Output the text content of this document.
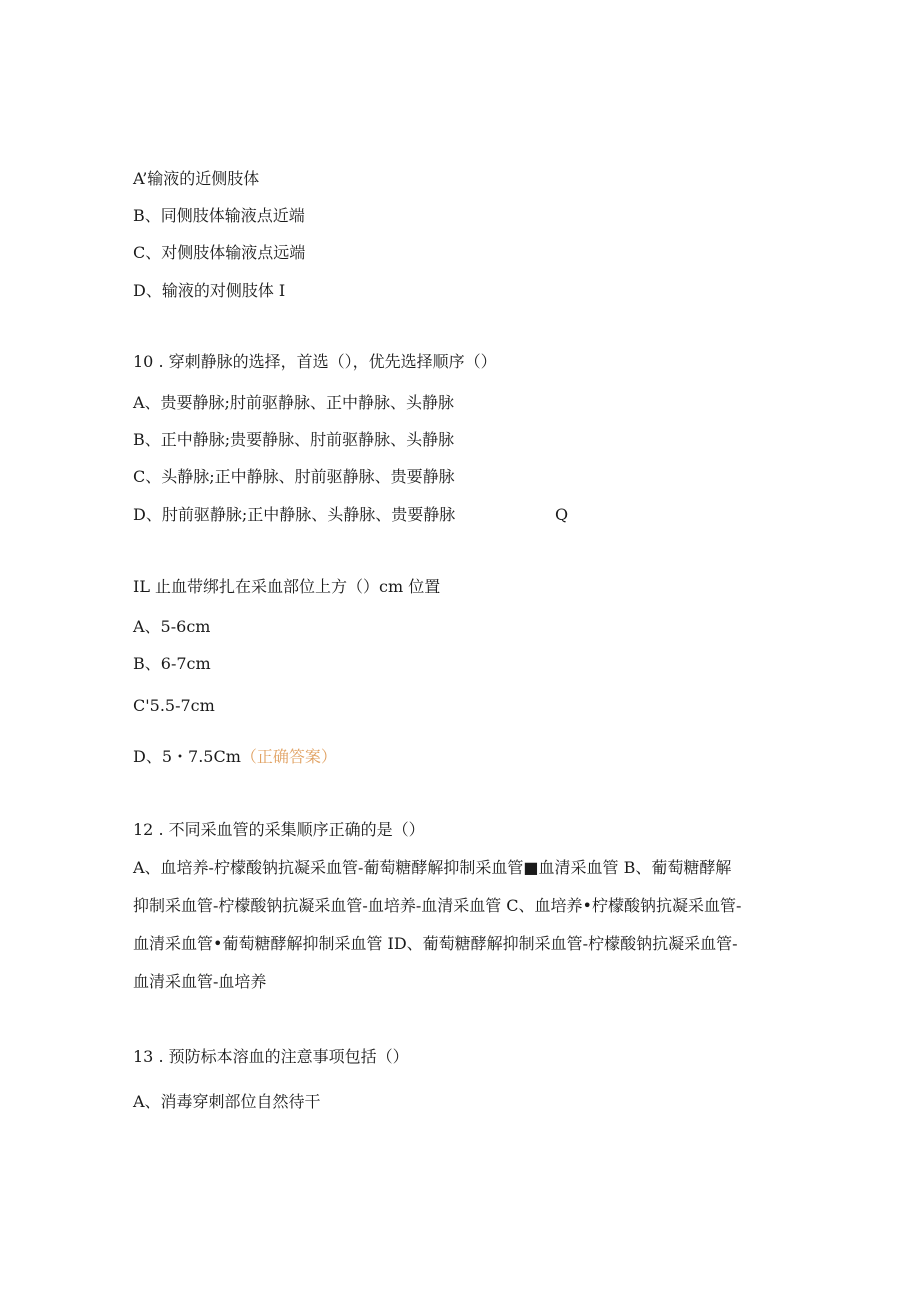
A’输液的近侧肢体
B、同侧肢体输液点近端
C、对侧肢体输液点远端
D、输液的对侧肢体 I
10 . 穿刺静脉的选择，首选（），优先选择顺序（）
A、贵要静脉;肘前驱静脉、正中静脉、头静脉
B、正中静脉;贵要静脉、肘前驱静脉、头静脉
C、头静脉;正中静脉、肘前驱静脉、贵要静脉
D、肘前驱静脉;正中静脉、头静脉、贵要静脉	Q
IL 止血带绑扎在采血部位上方（）cm 位置
A、5-6cm
B、6-7cm
C'5.5-7cm
D、5・7.5Cm（正确答案）
12 . 不同采血管的采集顺序正确的是（）
A、血培养-柠檬酸钠抗凝采血管-葡萄糖酵解抑制采血管■血清采血管 B、葡萄糖酵解抑制采血管-柠檬酸钠抗凝采血管-血培养-血清采血管 C、血培养•柠檬酸钠抗凝采血管-血清采血管•葡萄糖酵解抑制采血管 ID、葡萄糖酵解抑制采血管-柠檬酸钠抗凝采血管-血清采血管-血培养
13 . 预防标本溶血的注意事项包括（）
A、消毒穿刺部位自然待干
